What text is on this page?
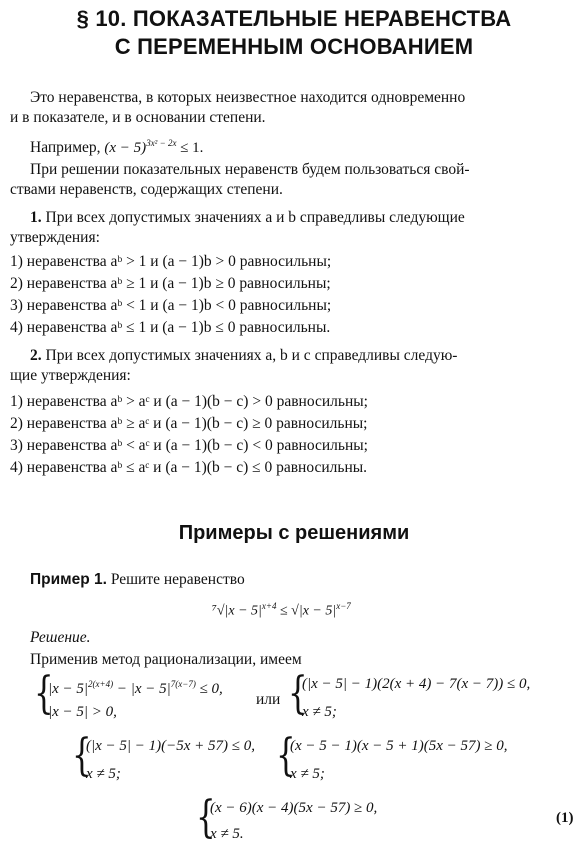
§ 10. ПОКАЗАТЕЛЬНЫЕ НЕРАВЕНСТВА
С ПЕРЕМЕННЫМ ОСНОВАНИЕМ
Это неравенства, в которых неизвестное находится одновременно
и в показателе, и в основании степени.
Например, $(x - 5)^{3x^2 - 2x} \le 1$.
При решении показательных неравенств будем пользоваться свой-
ствами неравенств, содержащих степени.
1. При всех допустимых значениях a и b справедливы следующие
утверждения:
1) неравенства aᵇ > 1 и (a − 1)b > 0 равносильны;
2) неравенства aᵇ ≥ 1 и (a − 1)b ≥ 0 равносильны;
3) неравенства aᵇ < 1 и (a − 1)b < 0 равносильны;
4) неравенства aᵇ ≤ 1 и (a − 1)b ≤ 0 равносильны.
2. При всех допустимых значениях a, b и c справедливы следую-
щие утверждения:
1) неравенства aᵇ > aᶜ и (a − 1)(b − c) > 0 равносильны;
2) неравенства aᵇ ≥ aᶜ и (a − 1)(b − c) ≥ 0 равносильны;
3) неравенства aᵇ < aᶜ и (a − 1)(b − c) < 0 равносильны;
4) неравенства aᵇ ≤ aᶜ и (a − 1)(b − c) ≤ 0 равносильны.
Примеры с решениями
Пример 1. Решите неравенство
$^7√|x - 5|^{x+4} \le √|x - 5|^{x-7}$
Решение.
Применив метод рационализации, имеем
{
$|x - 5|^{2(x+4)} - |x - 5|^{7(x-7)} \le 0$,
|x − 5| > 0,
или {
(|x − 5| − 1)(2(x + 4) − 7(x − 7)) ≤ 0,
x ≠ 5;
{
(|x − 5| − 1)(−5x + 57) ≤ 0,
x ≠ 5;	{
(x − 5 − 1)(x − 5 + 1)(5x − 57) ≥ 0,
x ≠ 5;
{
(x − 6)(x − 4)(5x − 57) ≥ 0,
x ≠ 5.
(1)
